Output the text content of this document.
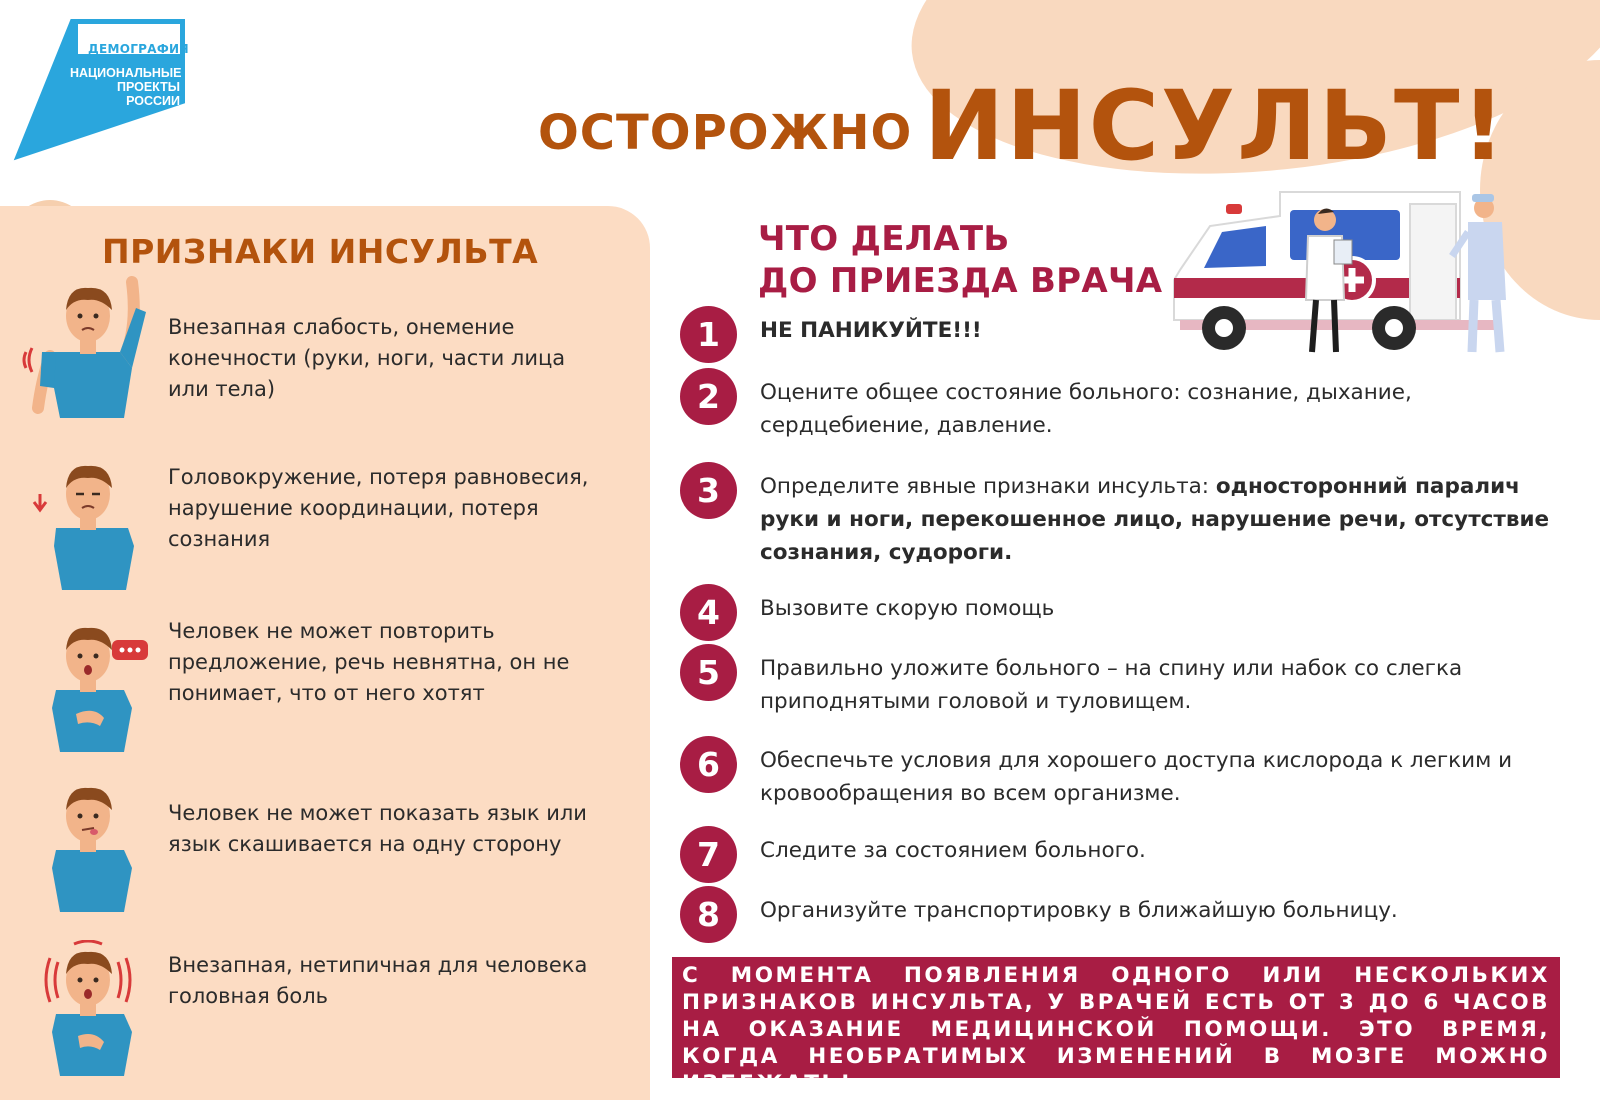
ДЕМОГРАФИЯ
НАЦИОНАЛЬНЫЕ
ПРОЕКТЫ
РОССИИ
ОСТОРОЖНО ИНСУЛЬТ!
ПРИЗНАКИ ИНСУЛЬТА
Внезапная слабость, онемение конечности (руки, ноги, части лица или тела)
Головокружение, потеря равновесия, нарушение координации, потеря сознания
Человек не может повторить предложение, речь невнятна, он не понимает, что от него хотят
Человек не может показать язык или язык скашивается на одну сторону
Внезапная, нетипичная для человека головная боль
ЧТО ДЕЛАТЬ
ДО ПРИЕЗДА ВРАЧА
1	НЕ ПАНИКУЙТЕ!!!
2	Оцените общее состояние больного: сознание, дыхание, сердцебиение, давление.
3	Определите явные признаки инсульта: односторонний паралич руки и ноги, перекошенное лицо, нарушение речи, отсутствие сознания, судороги.
4	Вызовите скорую помощь
5	Правильно уложите больного – на спину или набок со слегка приподнятыми головой и туловищем.
6	Обеспечьте условия для хорошего доступа кислорода к легким и кровообращения во всем организме.
7	Следите за состоянием больного.
8	Организуйте транспортировку в ближайшую больницу.
С МОМЕНТА ПОЯВЛЕНИЯ ОДНОГО ИЛИ НЕСКОЛЬКИХ ПРИЗНАКОВ ИНСУЛЬТА, У ВРАЧЕЙ ЕСТЬ ОТ 3 ДО 6 ЧАСОВ НА ОКАЗАНИЕ МЕДИЦИНСКОЙ ПОМОЩИ. ЭТО ВРЕМЯ, КОГДА НЕОБРАТИМЫХ ИЗМЕНЕНИЙ В МОЗГЕ МОЖНО ИЗБЕЖАТЬ!
